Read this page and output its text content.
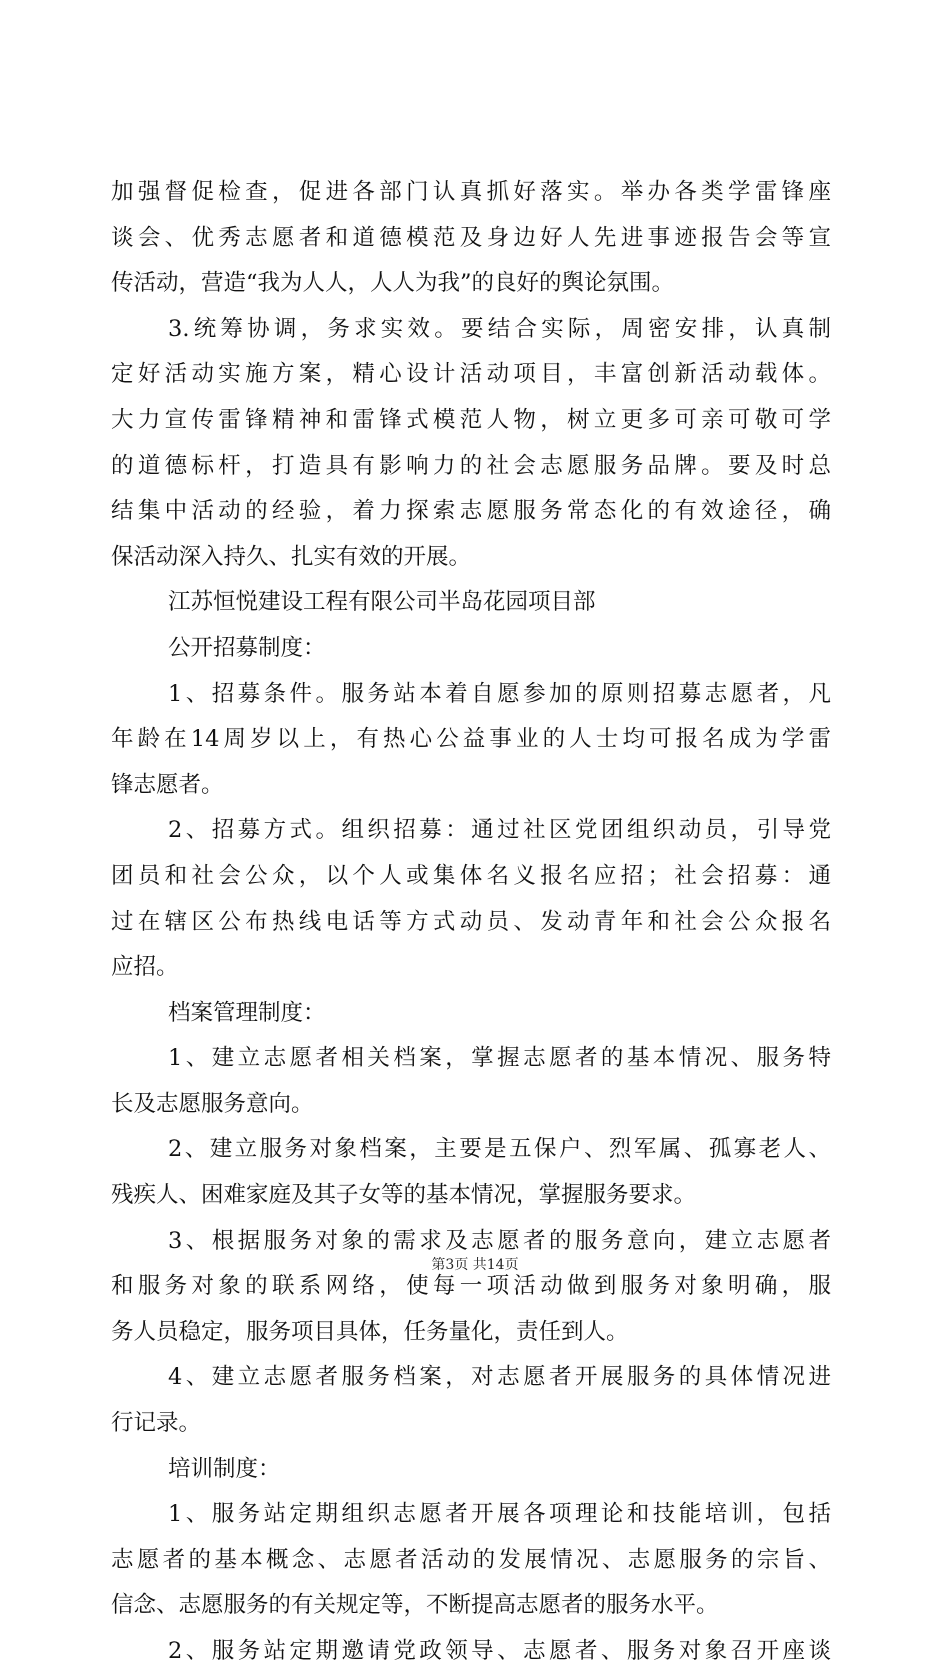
加强督促检查，促进各部门认真抓好落实。举办各类学雷锋座
谈会、优秀志愿者和道德模范及身边好人先进事迹报告会等宣
传活动，营造“我为人人，人人为我”的良好的舆论氛围。
3.统筹协调，务求实效。要结合实际，周密安排，认真制
定好活动实施方案，精心设计活动项目，丰富创新活动载体。
大力宣传雷锋精神和雷锋式模范人物，树立更多可亲可敬可学
的道德标杆，打造具有影响力的社会志愿服务品牌。要及时总
结集中活动的经验，着力探索志愿服务常态化的有效途径，确
保活动深入持久、扎实有效的开展。
江苏恒悦建设工程有限公司半岛花园项目部
公开招募制度：
1、招募条件。服务站本着自愿参加的原则招募志愿者，凡
年龄在14周岁以上，有热心公益事业的人士均可报名成为学雷
锋志愿者。
2、招募方式。组织招募：通过社区党团组织动员，引导党
团员和社会公众，以个人或集体名义报名应招；社会招募：通
过在辖区公布热线电话等方式动员、发动青年和社会公众报名
应招。
档案管理制度：
1、建立志愿者相关档案，掌握志愿者的基本情况、服务特
长及志愿服务意向。
2、建立服务对象档案，主要是五保户、烈军属、孤寡老人、
残疾人、困难家庭及其子女等的基本情况，掌握服务要求。
3、根据服务对象的需求及志愿者的服务意向，建立志愿者
和服务对象的联系网络，使每一项活动做到服务对象明确，服
务人员稳定，服务项目具体，任务量化，责任到人。
4、建立志愿者服务档案，对志愿者开展服务的具体情况进
行记录。
培训制度：
1、服务站定期组织志愿者开展各项理论和技能培训，包括
志愿者的基本概念、志愿者活动的发展情况、志愿服务的宗旨、
信念、志愿服务的有关规定等，不断提高志愿者的服务水平。
2、服务站定期邀请党政领导、志愿者、服务对象召开座谈
第3页 共14页
